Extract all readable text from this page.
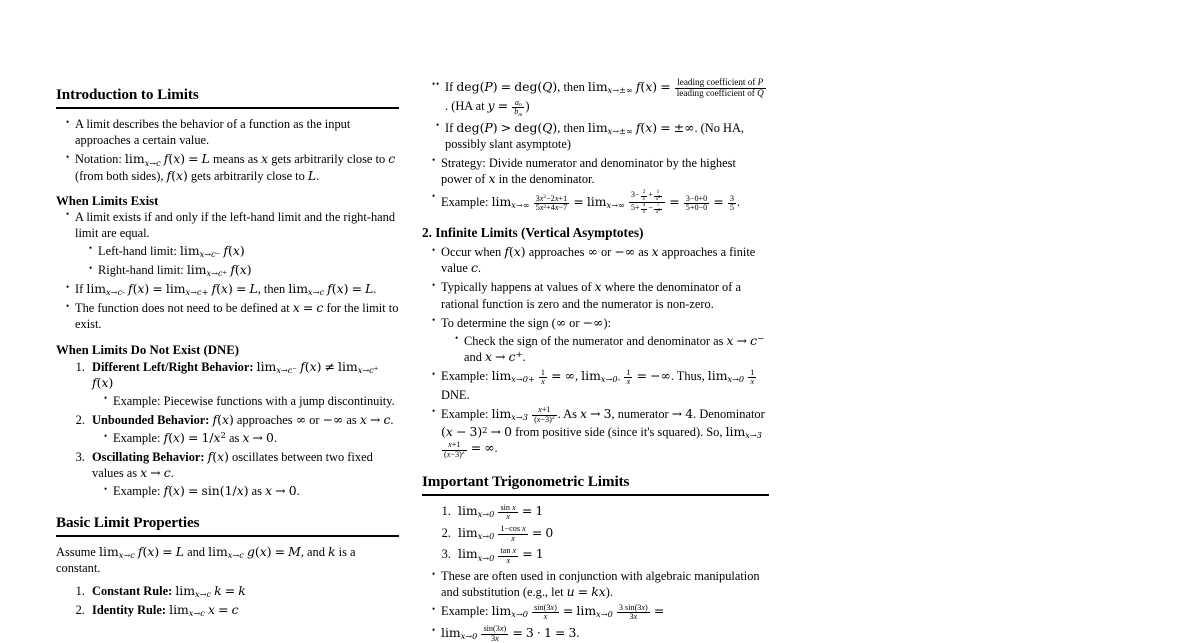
Introduction to Limits
• A limit describes the behavior of a function as the input approaches a certain value.
• Notation: limx→c f(x) = L means as x gets arbitrarily close to c (from both sides), f(x) gets arbitrarily close to L.
When Limits Exist
• A limit exists if and only if the left-hand limit and the right-hand limit are equal.
• Left-hand limit: limx→c− f(x)
• Right-hand limit: limx→c+ f(x)
• If limx→c- f(x) = limx→c+ f(x) = L, then limx→c f(x) = L.
• The function does not need to be defined at x = c for the limit to exist.
When Limits Do Not Exist (DNE)
1. Different Left/Right Behavior: limx→c− f(x) ≠ limx→c+ f(x)
• Example: Piecewise functions with a jump discontinuity.
2. Unbounded Behavior: f(x) approaches ∞ or −∞ as x → c.
• Example: $f(x) = 1/x^2$ as x → 0.
3. Oscillating Behavior: f(x) oscillates between two fixed values as x → c.
• Example: f(x) = sin(1/x) as x → 0.
Basic Limit Properties

Assume limx→c f(x) = L and limx→c g(x) = M, and k is a constant.

1. Constant Rule: limx→c k = k
2. Identity Rule: limx→c x = c
• • If deg(P) = deg(Q), then limx→±∞ $f(x) = \frac{\text{leading coefficient of P}}{\text{leading coefficient of Q}}$
. (HA at $y = \frac{an}{bm}$ )
• If deg(P) > deg(Q), then limx→±∞ f(x) = ±∞. (No HA, possibly slant asymptote)
• Strategy: Divide numerator and denominator by the highest power of x in the denominator.
• Example: $\lim x\to\infty \frac{3x^2-2x+1}{5x^2+4x-7} = \lim x\to\infty \frac{3- \frac{2}{x} + \frac{1}{x^2}}{5+ \frac{4}{x} - \frac{7}{x^2}} = \frac{3-0+0}{5+0-0} = \frac{3}{5}$ .
2. Infinite Limits (Vertical Asymptotes)
• Occur when f(x) approaches ∞ or −∞ as x approaches a finite value c.
• Typically happens at values of x where the denominator of a rational function is zero and the numerator is non-zero.
• To determine the sign (∞ or −∞):
• Check the sign of the numerator and denominator as x → c− and x → c+.
• Example: $\lim x\to 0+ \frac{1}{x}$ = ∞, $\lim x\to 0- \frac{1}{x}$ = −∞. Thus, $\lim x\to 0 \frac{1}{x}$
DNE.
• Example: $\lim x\to 3 \frac{x+1}{(x-3)^2}$ . As x → 3, numerator → 4. Denominator $(x - 3)^2 \to 0$ from positive side (since it's squared). So, limx→3
$\frac{x+1}{(x-3)^2}$ = ∞.
Important Trigonometric Limits
1. $\lim x\to 0 \frac{\text{sin x}}{x} = 1$
2. $\lim x\to 0 \frac{\text{1−cos x}}{x} = 0$
3. $\lim x\to 0 \frac{\text{tan x}}{x} = 1$
• These are often used in conjunction with algebraic manipulation and substitution (e.g., let u = kx).
• Example: $\lim x\to 0 \frac{\sin(3x)}{x} = \lim x\to 0 \frac{3 \sin(3x)}{3x}$ =
• $\lim x\to 0 \frac{\sin(3x)}{3x} = 3 \cdot 1 = 3$.
